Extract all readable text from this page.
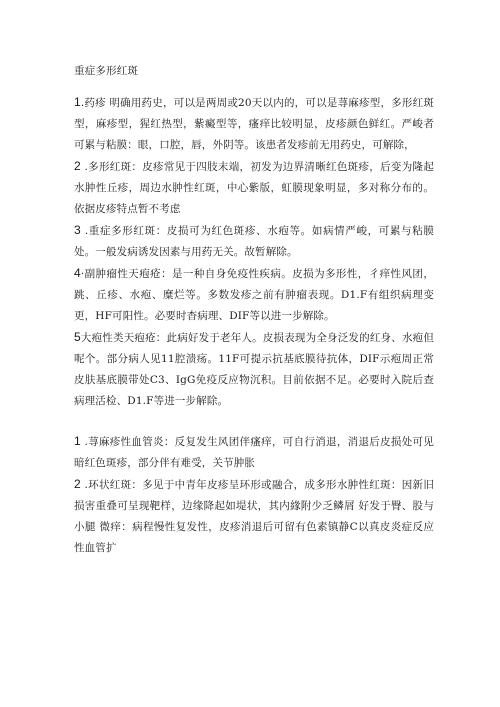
重症多形红斑

1.药疹 明确用药史，可以是两周或20天以内的，可以是荨麻疹型，多形红斑型，麻疹型，猩红热型，紫癜型等，瘙痒比较明显，皮疹颜色鲜红。严峻者可累与粘膜：眼，口腔，唇，外阴等。该患者发疹前无用药史，可解除，

2 .多形红斑：皮疹常见于四肢末端，初发为边界清晰红色斑疹，后变为隆起水肿性丘疹，周边水肿性红斑，中心紫版，虹膜现象明显，多对称分布的。依据皮疹特点暂不考虑

3 .重症多形红斑：皮损可为红色斑疹、水疱等。如病情严峻，可累与粘膜处。一般发病诱发因素与用药无关。故暂解除。

4·副肿瘤性天疱疮：是一种自身免疫性疾病。皮损为多形性，彳痒性风团，跳、丘疹、水疱、糜烂等。多数发疹之前有肿瘤表现。D1.F有组织病理变更，HF可阳性。必要时杳病理、DIF等以进一步解除。

5大疱性类天疱疮：此病好发于老年人。皮损表现为全身泛发的红身、水疱但呢个。部分病人见11腔溃疡。11F可提示抗基底膜待抗体，DIF示疱周正常皮肤基底膜带处C3、IgG免疫反应物沉积。目前依据不足。必要时入院后查病理活检、D1.F等进一步解除。

1 .荨麻疹性血管炎：反复发生风团伴瘙痒，可自行消退，消退后皮损处可见暗红色斑疹，部分伴有难受，关节肿胀

2 .环状红斑：多见于中青年皮疹呈环形或融合，成多形水肿性红斑：因新旧损害重叠可呈现靶样，边缘降起如堤状，其内緣附少乏鳞屑 好发于臀、股与小腿 微痒：病程慢性复发性，皮疹消退后可留有色素镇静C以真皮炎症反应性血管扩
